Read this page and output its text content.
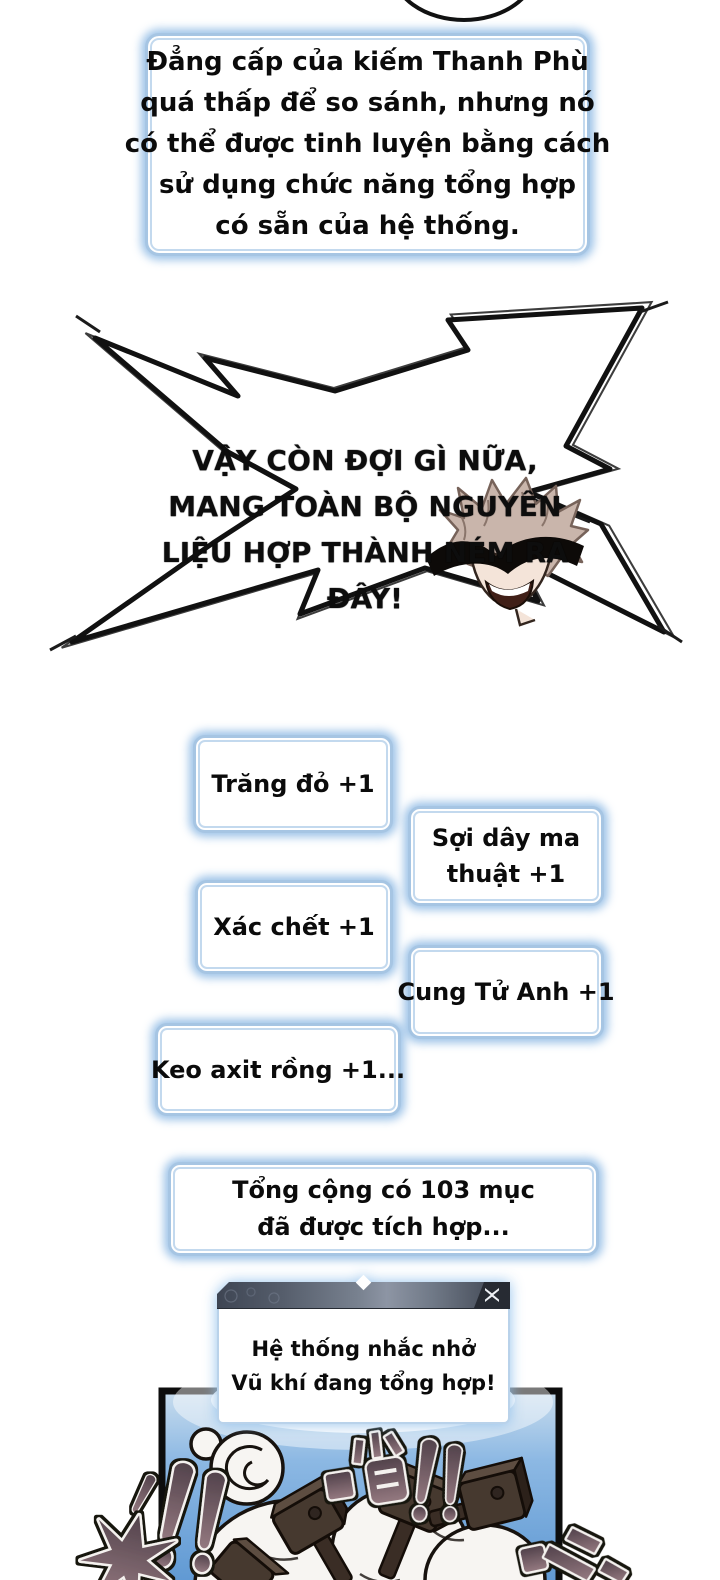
Đẳng cấp của kiếm Thanh Phù
quá thấp để so sánh, nhưng nó
có thể được tinh luyện bằng cách
sử dụng chức năng tổng hợp
có sẵn của hệ thống.
VẬY CÒN ĐỢI GÌ NỮA, MANG TOÀN BỘ NGUYÊN LIỆU HỢP THÀNH NÉM RA ĐÂY!
Trăng đỏ +1
Sợi dây ma
thuật +1
Xác chết +1
Cung Tử Anh +1
Keo axit rồng +1...
Tổng cộng có 103 mục
đã được tích hợp...
Hệ thống nhắc nhở
Vũ khí đang tổng hợp!
